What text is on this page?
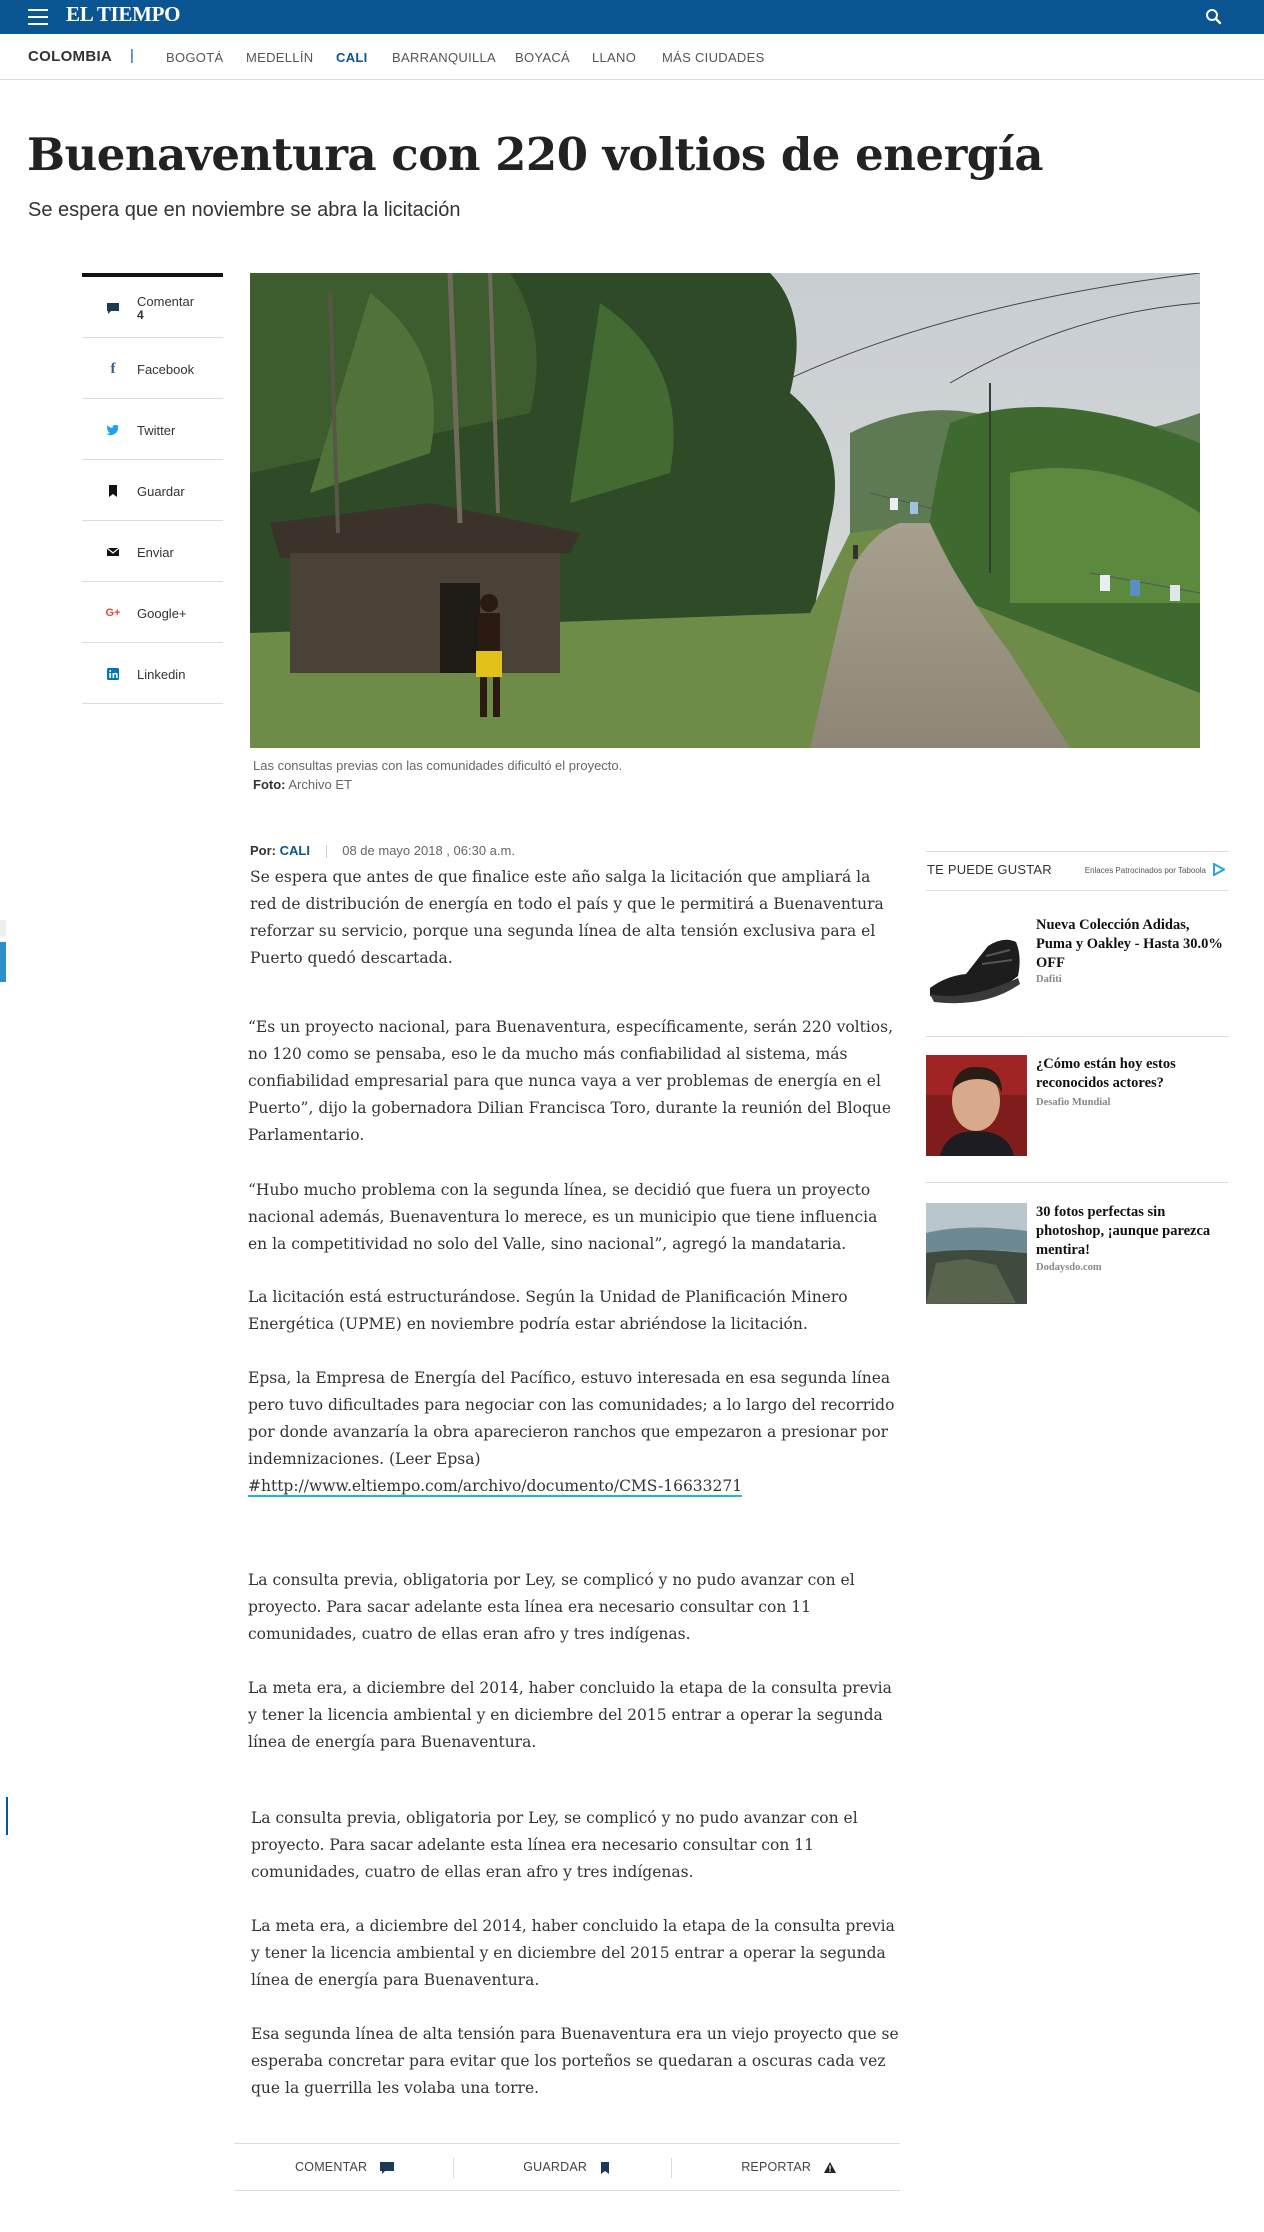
EL TIEMPO
COLOMBIA | BOGOTÁ MEDELLÍN CALI BARRANQUILLA BOYACÁ LLANO MÁS CIUDADES
Buenaventura con 220 voltios de energía
Se espera que en noviembre se abra la licitación
Comentar
4
f	Facebook
Twitter
Guardar
Enviar
G+ Google+
Linkedin
Las consultas previas con las comunidades dificultó el proyecto.
Foto: Archivo ET
Por: CALI 08 de mayo 2018 , 06:30 a.m.

Se espera que antes de que finalice este año salga la licitación que ampliará la red de distribución de energía en todo el país y que le permitirá a Buenaventura reforzar su servicio, porque una segunda línea de alta tensión exclusiva para el Puerto quedó descartada.

“Es un proyecto nacional, para Buenaventura, específicamente, serán 220 voltios, no 120 como se pensaba, eso le da mucho más confiabilidad al sistema, más confiabilidad empresarial para que nunca vaya a ver problemas de energía en el Puerto”, dijo la gobernadora Dilian Francisca Toro, durante la reunión del Bloque Parlamentario.

“Hubo mucho problema con la segunda línea, se decidió que fuera un proyecto nacional además, Buenaventura lo merece, es un municipio que tiene influencia en la competitividad no solo del Valle, sino nacional”, agregó la mandataria.

La licitación está estructurándose. Según la Unidad de Planificación Minero Energética (UPME) en noviembre podría estar abriéndose la licitación.

Epsa, la Empresa de Energía del Pacífico, estuvo interesada en esa segunda línea pero tuvo dificultades para negociar con las comunidades; a lo largo del recorrido por donde avanzaría la obra aparecieron ranchos que empezaron a presionar por indemnizaciones. (Leer Epsa) #http://www.eltiempo.com/archivo/documento/CMS-16633271

La consulta previa, obligatoria por Ley, se complicó y no pudo avanzar con el proyecto. Para sacar adelante esta línea era necesario consultar con 11 comunidades, cuatro de ellas eran afro y tres indígenas.

La meta era, a diciembre del 2014, haber concluido la etapa de la consulta previa y tener la licencia ambiental y en diciembre del 2015 entrar a operar la segunda línea de energía para Buenaventura.

La consulta previa, obligatoria por Ley, se complicó y no pudo avanzar con el proyecto. Para sacar adelante esta línea era necesario consultar con 11 comunidades, cuatro de ellas eran afro y tres indígenas.

La meta era, a diciembre del 2014, haber concluido la etapa de la consulta previa y tener la licencia ambiental y en diciembre del 2015 entrar a operar la segunda línea de energía para Buenaventura.

Esa segunda línea de alta tensión para Buenaventura era un viejo proyecto que se esperaba concretar para evitar que los porteños se quedaran a oscuras cada vez que la guerrilla les volaba una torre.

TE PUEDE GUSTAR	Enlaces Patrocinados por Taboola
Nueva Colección Adidas, Puma y Oakley - Hasta 30.0% OFF
Dafiti
¿Cómo están hoy estos reconocidos actores?
Desafio Mundial
30 fotos perfectas sin photoshop, ¡aunque parezca mentira!
Dodaysdo.com
COMENTAR	GUARDAR	REPORTAR
